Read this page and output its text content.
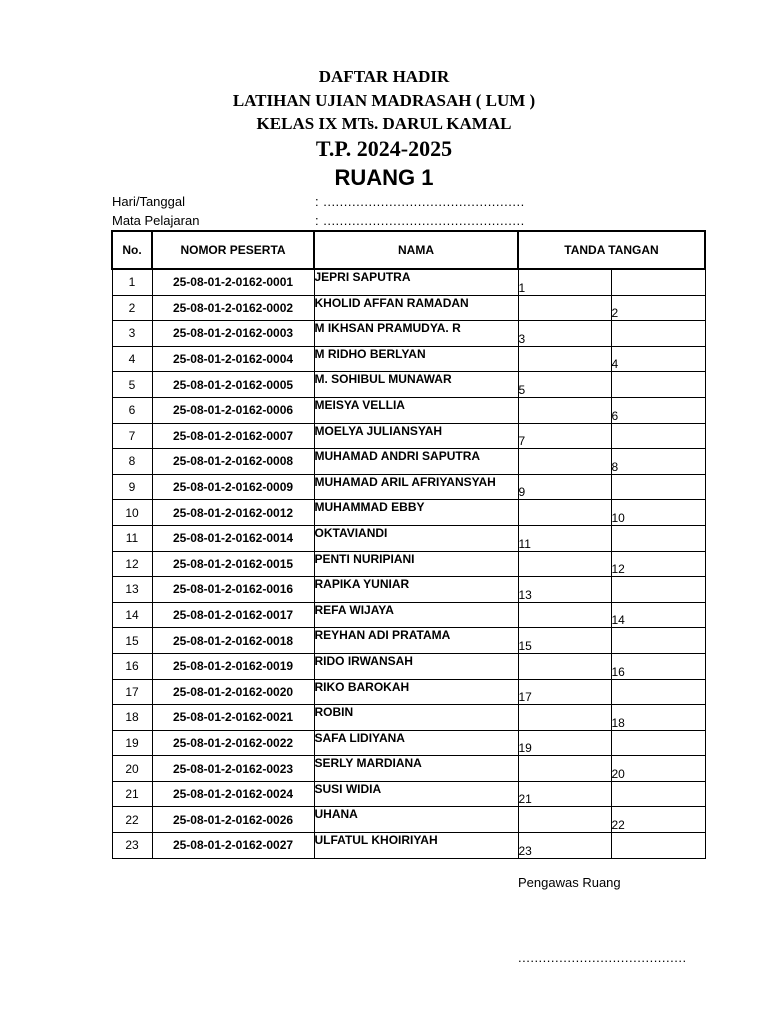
DAFTAR HADIR
LATIHAN UJIAN MADRASAH ( LUM )
KELAS IX MTs. DARUL KAMAL
T.P. 2024-2025
RUANG 1
Hari/Tanggal	: .................................................
Mata Pelajaran	: .................................................
No.	NOMOR PESERTA	NAMA	TANDA TANGAN	
1	25-08-01-2-0162-0001	JEPRI SAPUTRA	1	
2	25-08-01-2-0162-0002	KHOLID AFFAN RAMADAN		2
3	25-08-01-2-0162-0003	M IKHSAN PRAMUDYA. R	3	
4	25-08-01-2-0162-0004	M RIDHO BERLYAN		4
5	25-08-01-2-0162-0005	M. SOHIBUL MUNAWAR	5	
6	25-08-01-2-0162-0006	MEISYA VELLIA		6
7	25-08-01-2-0162-0007	MOELYA JULIANSYAH	7	
8	25-08-01-2-0162-0008	MUHAMAD ANDRI SAPUTRA		8
9	25-08-01-2-0162-0009	MUHAMAD ARIL AFRIYANSYAH	9	
10	25-08-01-2-0162-0012	MUHAMMAD EBBY		10
11	25-08-01-2-0162-0014	OKTAVIANDI	11	
12	25-08-01-2-0162-0015	PENTI NURIPIANI		12
13	25-08-01-2-0162-0016	RAPIKA YUNIAR	13	
14	25-08-01-2-0162-0017	REFA WIJAYA		14
15	25-08-01-2-0162-0018	REYHAN ADI PRATAMA	15	
16	25-08-01-2-0162-0019	RIDO IRWANSAH		16
17	25-08-01-2-0162-0020	RIKO BAROKAH	17	
18	25-08-01-2-0162-0021	ROBIN		18
19	25-08-01-2-0162-0022	SAFA LIDIYANA	19	
20	25-08-01-2-0162-0023	SERLY MARDIANA		20
21	25-08-01-2-0162-0024	SUSI WIDIA	21	
22	25-08-01-2-0162-0026	UHANA		22
23	25-08-01-2-0162-0027	ULFATUL KHOIRIYAH	23	
Pengawas Ruang
.........................................
